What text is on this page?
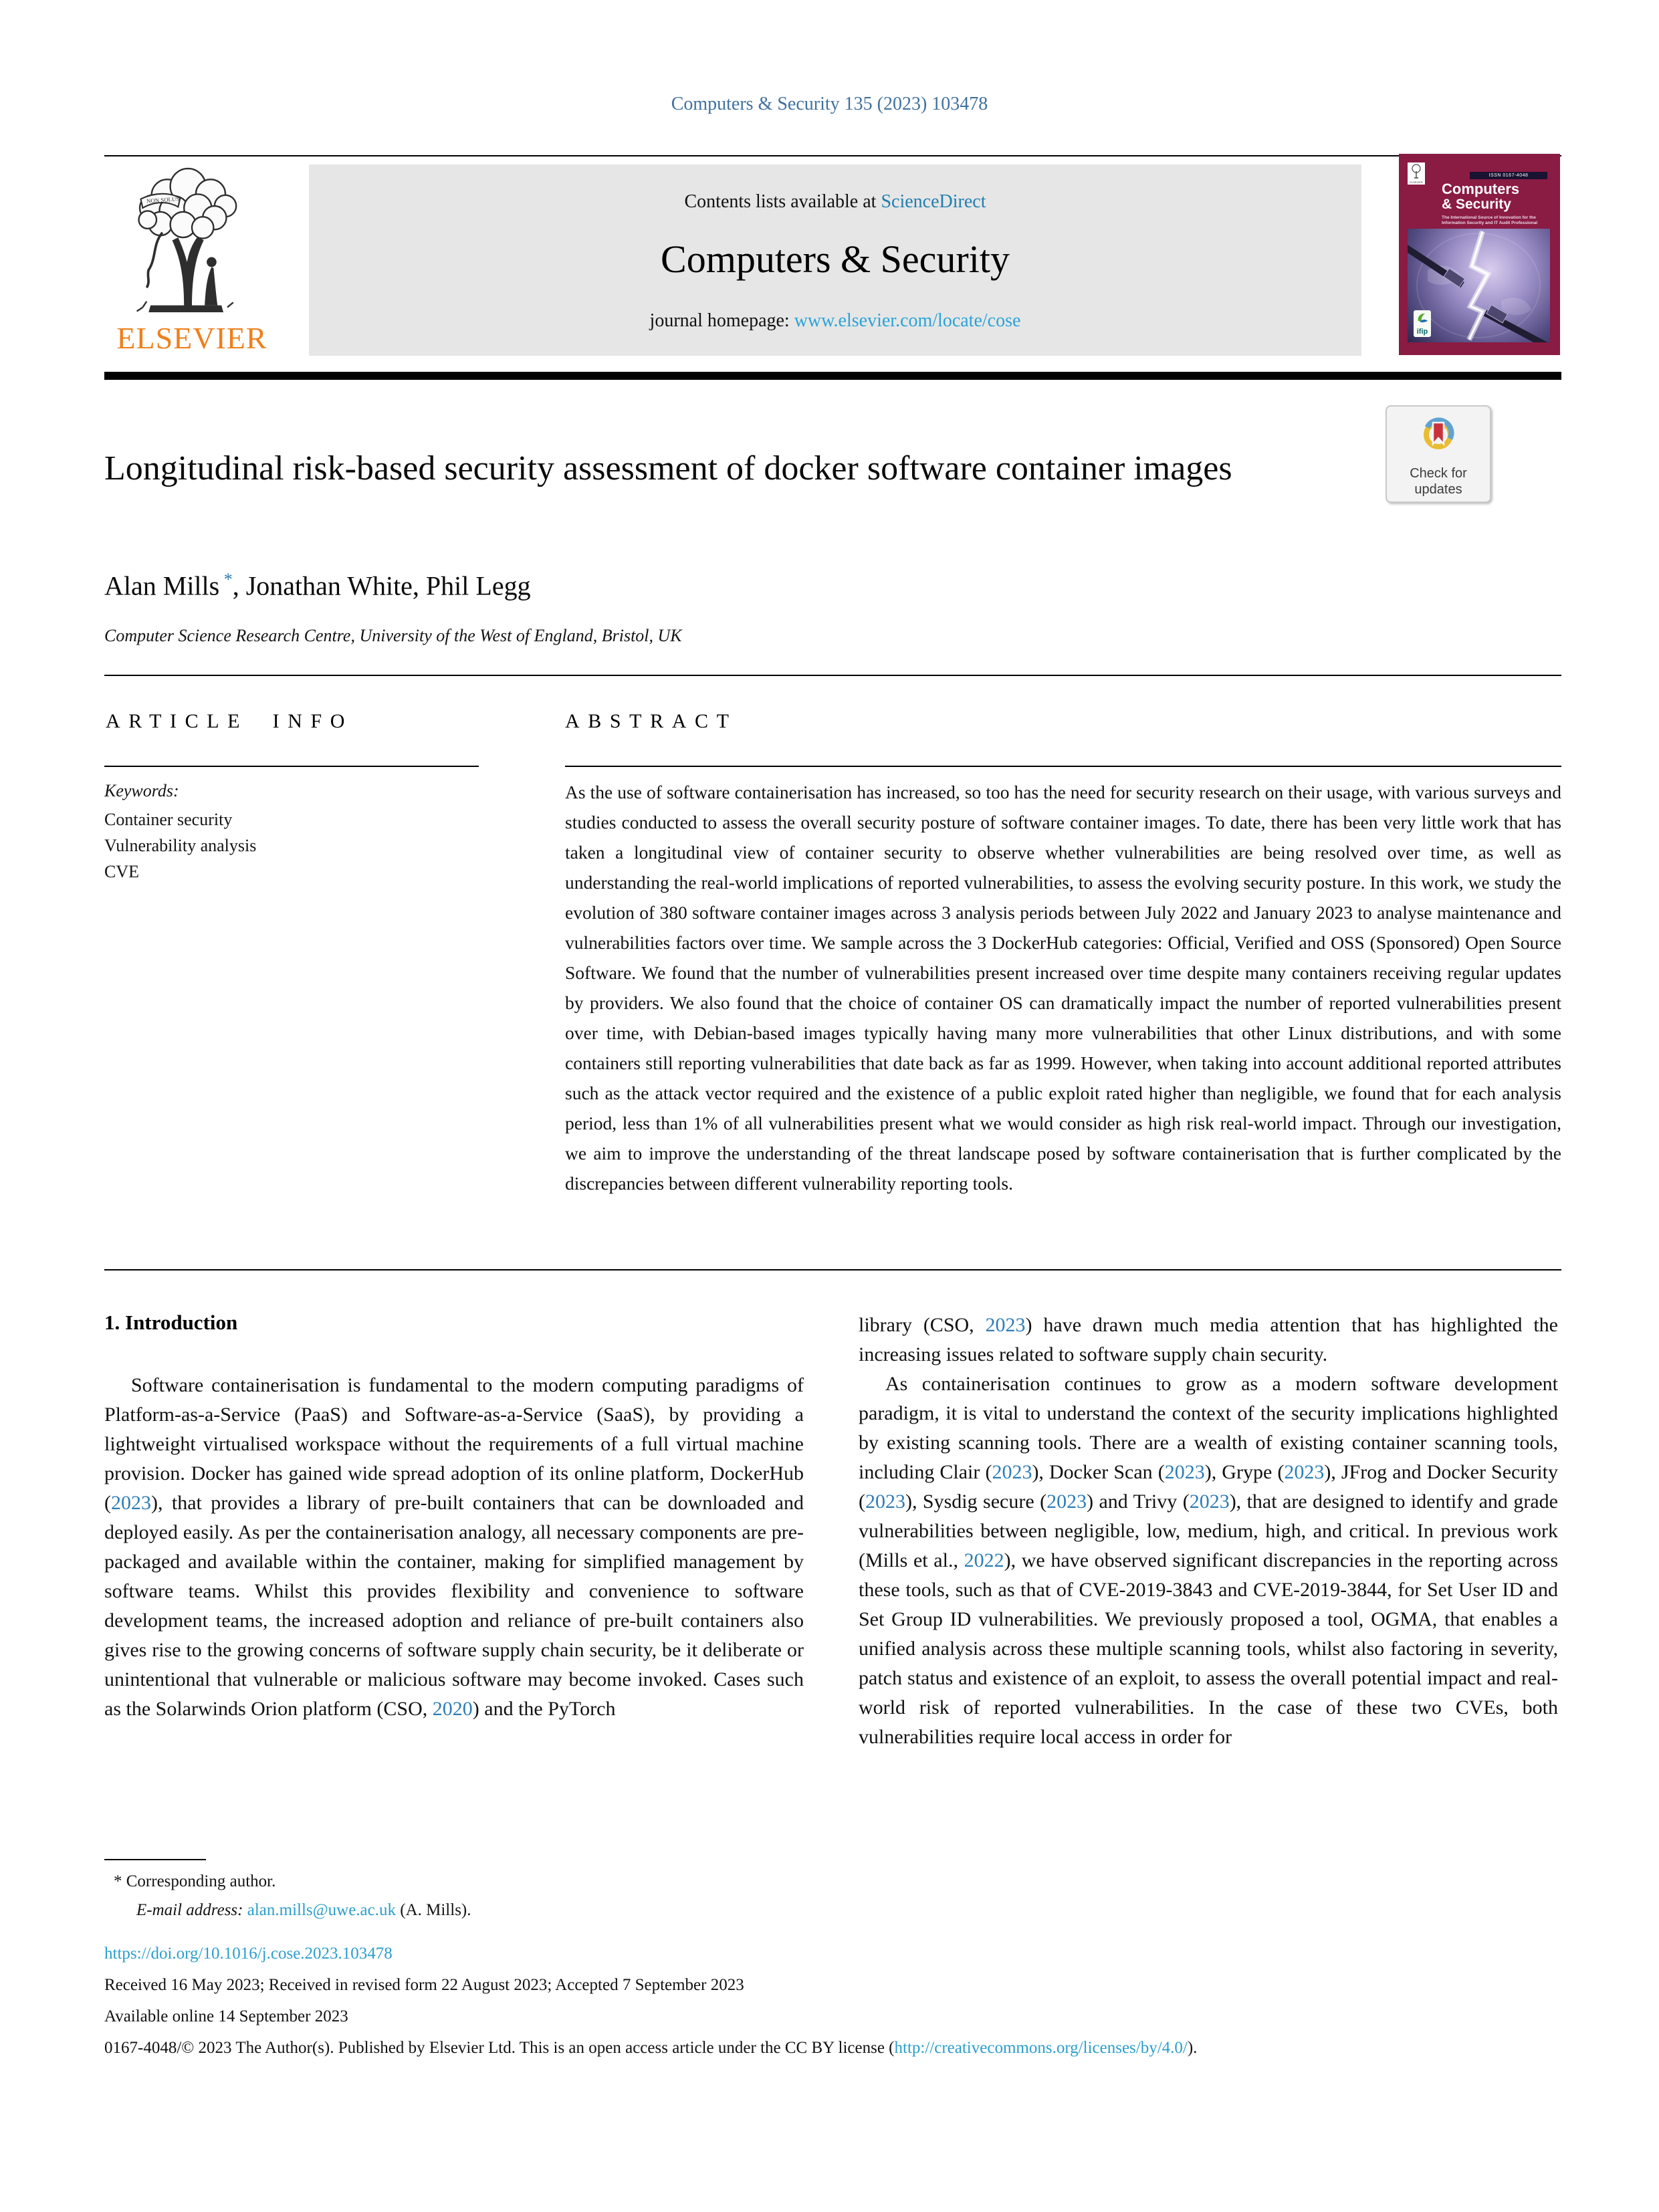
Computers & Security 135 (2023) 103478
NON SOLUS
ELSEVIER
Contents lists available at ScienceDirect
Computers & Security
journal homepage: www.elsevier.com/locate/cose
ELSEVIER
ISSN 0167-4048
Computers
& Security
The International Source of Innovation for the
Information Security and IT Audit Professional
ifip
Check for
updates
Longitudinal risk-based security assessment of docker software container images
Alan Mills *, Jonathan White, Phil Legg
Computer Science Research Centre, University of the West of England, Bristol, UK
ARTICLE INFO	ABSTRACT
Keywords:
Container security
Vulnerability analysis
CVE
As the use of software containerisation has increased, so too has the need for security research on their usage, with various surveys and studies conducted to assess the overall security posture of software container images. To date, there has been very little work that has taken a longitudinal view of container security to observe whether vulnerabilities are being resolved over time, as well as understanding the real-world implications of reported vulnerabilities, to assess the evolving security posture. In this work, we study the evolution of 380 software container images across 3 analysis periods between July 2022 and January 2023 to analyse maintenance and vulnerabilities factors over time. We sample across the 3 DockerHub categories: Official, Verified and OSS (Sponsored) Open Source Software. We found that the number of vulnerabilities present increased over time despite many containers receiving regular updates by providers. We also found that the choice of container OS can dramatically impact the number of reported vulnerabilities present over time, with Debian-based images typically having many more vulnerabilities that other Linux distributions, and with some containers still reporting vulnerabilities that date back as far as 1999. However, when taking into account additional reported attributes such as the attack vector required and the existence of a public exploit rated higher than negligible, we found that for each analysis period, less than 1% of all vulnerabilities present what we would consider as high risk real-world impact. Through our investigation, we aim to improve the understanding of the threat landscape posed by software containerisation that is further complicated by the discrepancies between different vulnerability reporting tools.
1. Introduction

Software containerisation is fundamental to the modern computing paradigms of Platform-as-a-Service (PaaS) and Software-as-a-Service (SaaS), by providing a lightweight virtualised workspace without the requirements of a full virtual machine provision. Docker has gained wide spread adoption of its online platform, DockerHub (2023), that provides a library of pre-built containers that can be downloaded and deployed easily. As per the containerisation analogy, all necessary components are pre-packaged and available within the container, making for simplified management by software teams. Whilst this provides flexibility and convenience to software development teams, the increased adoption and reliance of pre-built containers also gives rise to the growing concerns of software supply chain security, be it deliberate or unintentional that vulnerable or malicious software may become invoked. Cases such as the Solarwinds Orion platform (CSO, 2020) and the PyTorch

library (CSO, 2023) have drawn much media attention that has highlighted the increasing issues related to software supply chain security.

As containerisation continues to grow as a modern software development paradigm, it is vital to understand the context of the security implications highlighted by existing scanning tools. There are a wealth of existing container scanning tools, including Clair (2023), Docker Scan (2023), Grype (2023), JFrog and Docker Security (2023), Sysdig secure (2023) and Trivy (2023), that are designed to identify and grade vulnerabilities between negligible, low, medium, high, and critical. In previous work (Mills et al., 2022), we have observed significant discrepancies in the reporting across these tools, such as that of CVE-2019-3843 and CVE-2019-3844, for Set User ID and Set Group ID vulnerabilities. We previously proposed a tool, OGMA, that enables a unified analysis across these multiple scanning tools, whilst also factoring in severity, patch status and existence of an exploit, to assess the overall potential impact and real-world risk of reported vulnerabilities. In the case of these two CVEs, both vulnerabilities require local access in order for

* Corresponding author.
E-mail address: alan.mills@uwe.ac.uk (A. Mills).
https://doi.org/10.1016/j.cose.2023.103478
Received 16 May 2023; Received in revised form 22 August 2023; Accepted 7 September 2023
Available online 14 September 2023
0167-4048/© 2023 The Author(s). Published by Elsevier Ltd. This is an open access article under the CC BY license (http://creativecommons.org/licenses/by/4.0/).
